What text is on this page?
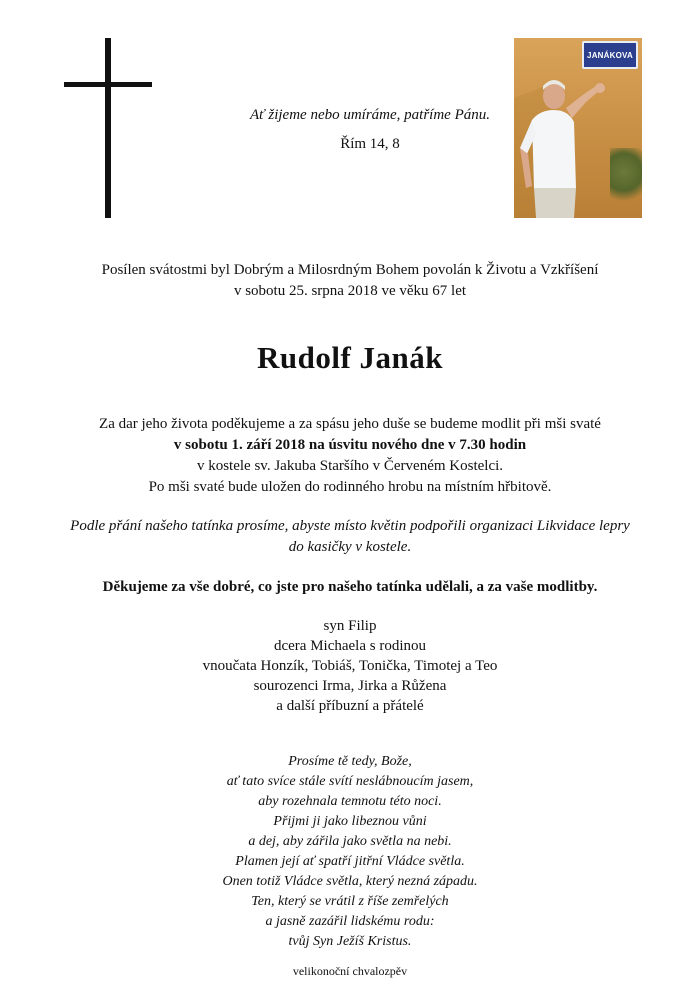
Ať žijeme nebo umíráme, patříme Pánu.
Řím 14, 8
JANÁKOVA
Posílen svátostmi byl Dobrým a Milosrdným Bohem povolán k Životu a Vzkříšení
v sobotu 25. srpna 2018 ve věku 67 let
Rudolf Janák
Za dar jeho života poděkujeme a za spásu jeho duše se budeme modlit při mši svaté
v sobotu 1. září 2018 na úsvitu nového dne v 7.30 hodin
v kostele sv. Jakuba Staršího v Červeném Kostelci.
Po mši svaté bude uložen do rodinného hrobu na místním hřbitově.
Podle přání našeho tatínka prosíme, abyste místo květin podpořili organizaci Likvidace lepry
do kasičky v kostele.
Děkujeme za vše dobré, co jste pro našeho tatínka udělali, a za vaše modlitby.
syn Filip
dcera Michaela s rodinou
vnoučata Honzík, Tobiáš, Tonička, Timotej a Teo
sourozenci Irma, Jirka a Růžena
a další příbuzní a přátelé
Prosíme tě tedy, Bože,
ať tato svíce stále svítí neslábnoucím jasem,
aby rozehnala temnotu této noci.
Přijmi ji jako libeznou vůni
a dej, aby zářila jako světla na nebi.
Plamen její ať spatří jitřní Vládce světla.
Onen totiž Vládce světla, který nezná západu.
Ten, který se vrátil z říše zemřelých
a jasně zazářil lidskému rodu:
tvůj Syn Ježíš Kristus.
velikonoční chvalozpěv
